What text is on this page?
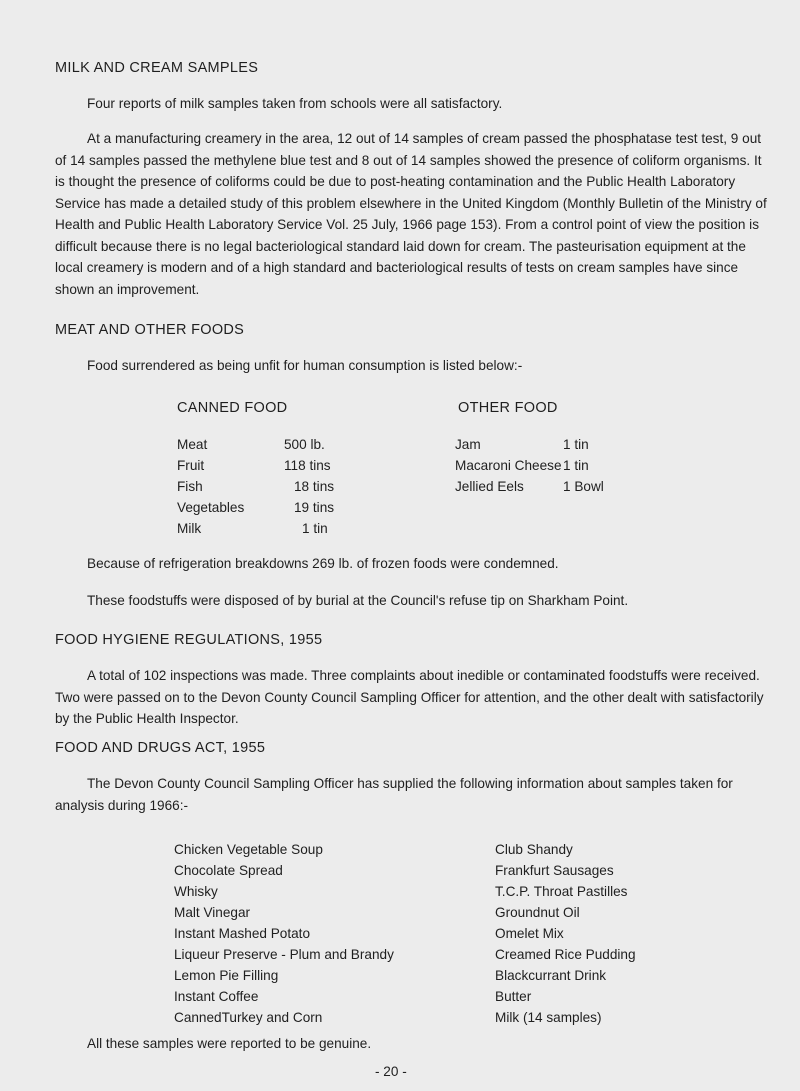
MILK AND CREAM SAMPLES

Four reports of milk samples taken from schools were all satisfactory.

At a manufacturing creamery in the area, 12 out of 14 samples of cream passed the phosphatase test test, 9 out of 14 samples passed the methylene blue test and 8 out of 14 samples showed the presence of coliform organisms. It is thought the presence of coliforms could be due to post-heating contamination and the Public Health Laboratory Service has made a detailed study of this problem elsewhere in the United Kingdom (Monthly Bulletin of the Ministry of Health and Public Health Laboratory Service Vol. 25 July, 1966 page 153). From a control point of view the position is difficult because there is no legal bacteriological standard laid down for cream. The pasteurisation equipment at the local creamery is modern and of a high standard and bacteriological results of tests on cream samples have since shown an improvement.

MEAT AND OTHER FOODS

Food surrendered as being unfit for human consumption is listed below:-

CANNED FOOD	OTHER FOOD
Meat	500 lb.
Fruit	118 tins
Fish	18 tins
Vegetables	19 tins
Milk	1 tin
Jam	1 tin
Macaroni Cheese 1 tin
Jellied Eels	1 Bowl

Because of refrigeration breakdowns 269 lb. of frozen foods were condemned.

These foodstuffs were disposed of by burial at the Council's refuse tip on Sharkham Point.

FOOD HYGIENE REGULATIONS, 1955

A total of 102 inspections was made. Three complaints about inedible or contaminated foodstuffs were received. Two were passed on to the Devon County Council Sampling Officer for attention, and the other dealt with satisfactorily by the Public Health Inspector.

FOOD AND DRUGS ACT, 1955

The Devon County Council Sampling Officer has supplied the following information about samples taken for analysis during 1966:-

Chicken Vegetable Soup
Chocolate Spread
Whisky
Malt Vinegar
Instant Mashed Potato
Liqueur Preserve - Plum and Brandy
Lemon Pie Filling
Instant Coffee
CannedTurkey and Corn
Club Shandy
Frankfurt Sausages
T.C.P. Throat Pastilles
Groundnut Oil
Omelet Mix
Creamed Rice Pudding
Blackcurrant Drink
Butter
Milk (14 samples)

All these samples were reported to be genuine.

- 20 -
